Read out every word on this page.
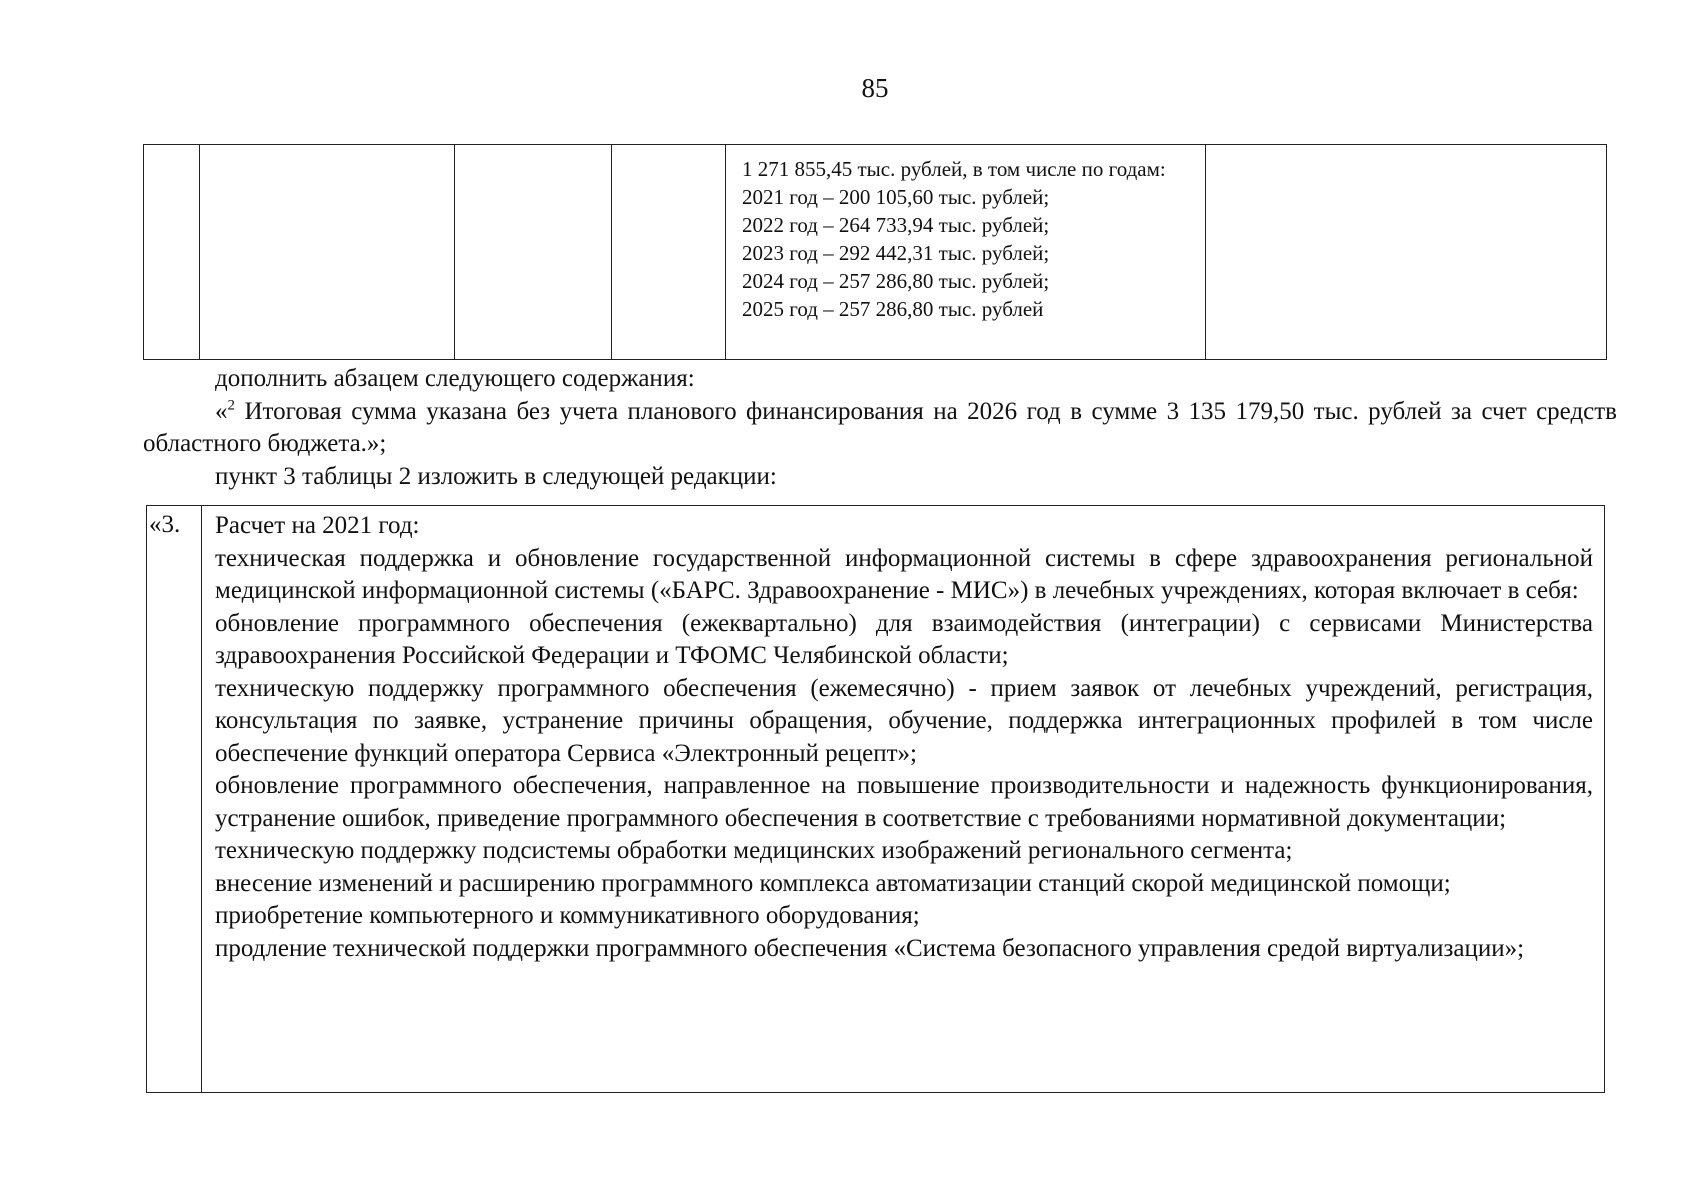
85

1 271 855,45 тыс. рублей, в том числе по годам:
2021 год – 200 105,60 тыс. рублей;
2022 год – 264 733,94 тыс. рублей;
2023 год – 292 442,31 тыс. рублей;
2024 год – 257 286,80 тыс. рублей;
2025 год – 257 286,80 тыс. рублей

дополнить абзацем следующего содержания:
«$^2$ Итоговая сумма указана без учета планового финансирования на 2026 год в сумме 3 135 179,50 тыс. рублей за счет средств областного бюджета.»;
пункт 3 таблицы 2 изложить в следующей редакции:
«3. Расчет на 2021 год:
техническая поддержка и обновление государственной информационной системы в сфере здравоохранения региональной медицинской информационной системы («БАРС. Здравоохранение - МИС») в лечебных учреждениях, которая включает в себя:
обновление программного обеспечения (ежеквартально) для взаимодействия (интеграции) с сервисами Министерства здравоохранения Российской Федерации и ТФОМС Челябинской области;
техническую поддержку программного обеспечения (ежемесячно) - прием заявок от лечебных учреждений, регистрация, консультация по заявке, устранение причины обращения, обучение, поддержка интеграционных профилей в том числе обеспечение функций оператора Сервиса «Электронный рецепт»;
обновление программного обеспечения, направленное на повышение производительности и надежность функционирования, устранение ошибок, приведение программного обеспечения в соответствие с требованиями нормативной документации;
техническую поддержку подсистемы обработки медицинских изображений регионального сегмента;
внесение изменений и расширению программного комплекса автоматизации станций скорой медицинской помощи;
приобретение компьютерного и коммуникативного оборудования;
продление технической поддержки программного обеспечения «Система безопасного управления средой виртуализации»;
